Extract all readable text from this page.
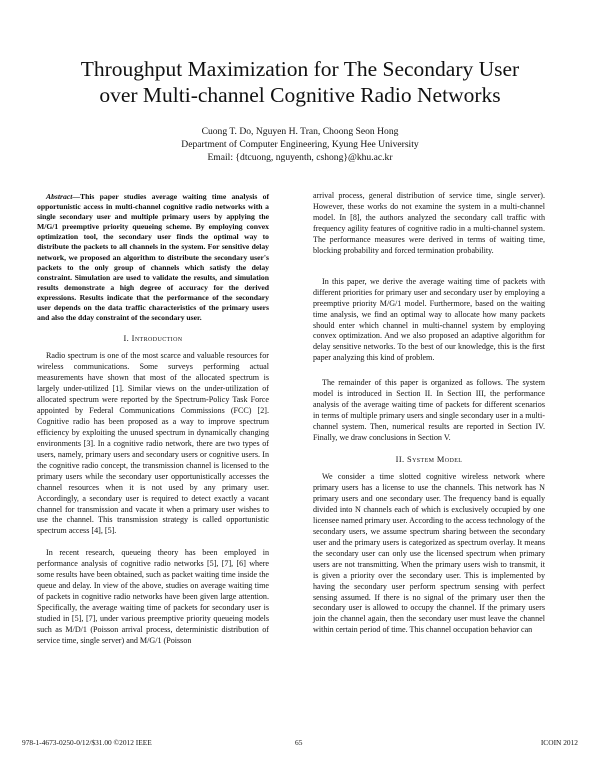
Throughput Maximization for The Secondary User
over Multi-channel Cognitive Radio Networks
Cuong T. Do, Nguyen H. Tran, Choong Seon Hong
Department of Computer Engineering, Kyung Hee University
Email: {dtcuong, nguyenth, cshong}@khu.ac.kr

Abstract—This paper studies average waiting time analysis of opportunistic access in multi-channel cognitive radio networks with a single secondary user and multiple primary users by applying the M/G/1 preemptive priority queueing scheme. By employing convex optimization tool, the secondary user finds the optimal way to distribute the packets to all channels in the system. For sensitive delay network, we proposed an algorithm to distribute the secondary user's packets to the only group of channels which satisfy the delay constraint. Simulation are used to validate the results, and simulation results demonstrate a high degree of accuracy for the derived expressions. Results indicate that the performance of the secondary user depends on the data traffic characteristics of the primary users and also the dday constraint of the secondary user.

I. Introduction

Radio spectrum is one of the most scarce and valuable resources for wireless communications. Some surveys performing actual measurements have shown that most of the allocated spectrum is largely under-utilized [1]. Similar views on the under-utilization of allocated spectrum were reported by the Spectrum-Policy Task Force appointed by Federal Communications Commissions (FCC) [2]. Cognitive radio has been proposed as a way to improve spectrum efficiency by exploiting the unused spectrum in dynamically changing environments [3]. In a cognitive radio network, there are two types of users, namely, primary users and secondary users or cognitive users. In the cognitive radio concept, the transmission channel is licensed to the primary users while the secondary user opportunistically accesses the channel resources when it is not used by any primary user. Accordingly, a secondary user is required to detect exactly a vacant channel for transmission and vacate it when a primary user wishes to use the channel. This transmission strategy is called opportunistic spectrum access [4], [5].

In recent research, queueing theory has been employed in performance analysis of cognitive radio networks [5], [7], [6] where some results have been obtained, such as packet waiting time inside the queue and delay. In view of the above, studies on average waiting time of packets in cognitive radio networks have been given large attention. Specifically, the average waiting time of packets for secondary user is studied in [5], [7], under various preemptive priority queueing models such as M/D/1 (Poisson arrival process, deterministic distribution of service time, single server) and M/G/1 (Poisson

arrival process, general distribution of service time, single server). However, these works do not examine the system in a multi-channel model. In [8], the authors analyzed the secondary call traffic with frequency agility features of cognitive radio in a multi-channel system. The performance measures were derived in terms of waiting time, blocking probability and forced termination probability.

In this paper, we derive the average waiting time of packets with different priorities for primary user and secondary user by employing a preemptive priority M/G/1 model. Furthermore, based on the waiting time analysis, we find an optimal way to allocate how many packets should enter which channel in multi-channel system by employing convex optimization. And we also proposed an adaptive algorithm for delay sensitive networks. To the best of our knowledge, this is the first paper analyzing this kind of problem.

The remainder of this paper is organized as follows. The system model is introduced in Section II. In Section III, the performance analysis of the average waiting time of packets for different scenarios in terms of multiple primary users and single secondary user in a multi-channel system. Then, numerical results are reported in Section IV. Finally, we draw conclusions in Section V.

II. System Model

We consider a time slotted cognitive wireless network where primary users has a license to use the channels. This network has N primary users and one secondary user. The frequency band is equally divided into N channels each of which is exclusively occupied by one licensee named primary user. According to the access technology of the secondary users, we assume spectrum sharing between the secondary user and the primary users is categorized as spectrum overlay. It means the secondary user can only use the licensed spectrum when primary users are not transmitting. When the primary users wish to transmit, it is given a priority over the secondary user. This is implemented by having the secondary user perform spectrum sensing with perfect sensing assumed. If there is no signal of the primary user then the secondary user is allowed to occupy the channel. If the primary users join the channel again, then the secondary user must leave the channel within certain period of time. This channel occupation behavior can

978-1-4673-0250-0/12/$31.00 ©2012 IEEE	65	ICOIN 2012
